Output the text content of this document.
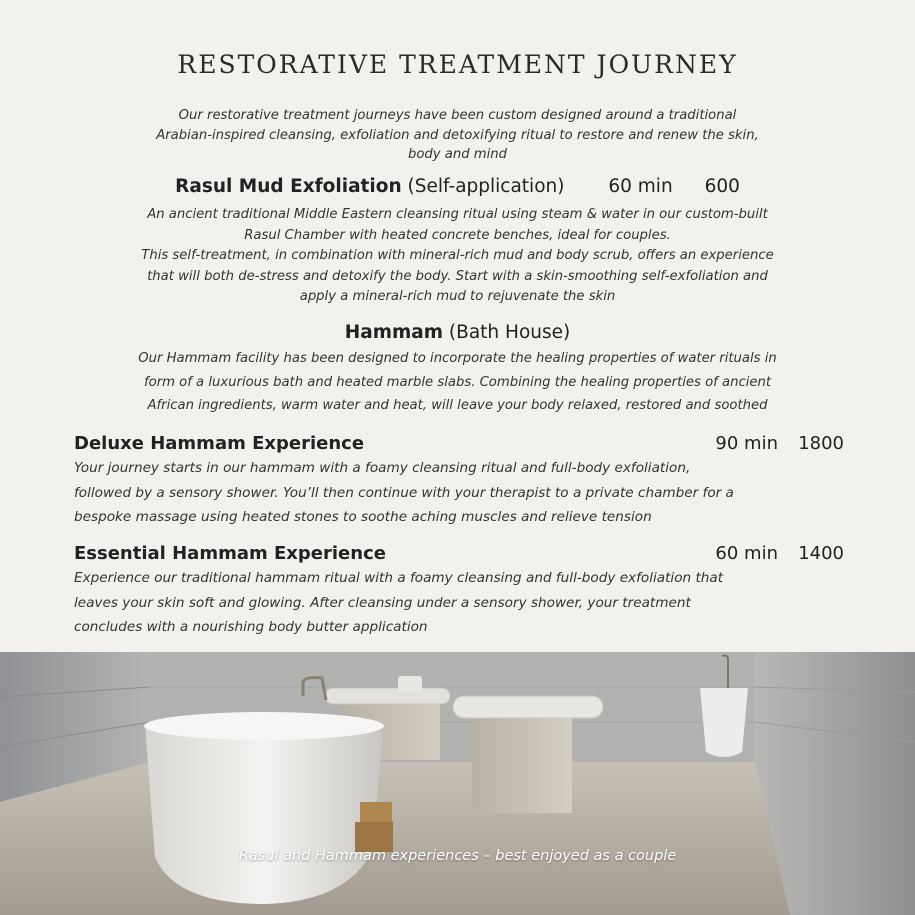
RESTORATIVE TREATMENT JOURNEY
Our restorative treatment journeys have been custom designed around a traditional
Arabian-inspired cleansing, exfoliation and detoxifying ritual to restore and renew the skin,
body and mind
Rasul Mud Exfoliation (Self-application) 60 min 600
An ancient traditional Middle Eastern cleansing ritual using steam & water in our custom-built
Rasul Chamber with heated concrete benches, ideal for couples.
This self-treatment, in combination with mineral-rich mud and body scrub, offers an experience
that will both de-stress and detoxify the body. Start with a skin-smoothing self-exfoliation and
apply a mineral-rich mud to rejuvenate the skin
Hammam (Bath House)
Our Hammam facility has been designed to incorporate the healing properties of water rituals in
form of a luxurious bath and heated marble slabs. Combining the healing properties of ancient
African ingredients, warm water and heat, will leave your body relaxed, restored and soothed
Deluxe Hammam Experience	90 min 1800
Your journey starts in our hammam with a foamy cleansing ritual and full-body exfoliation,
followed by a sensory shower. You’ll then continue with your therapist to a private chamber for a
bespoke massage using heated stones to soothe aching muscles and relieve tension
Essential Hammam Experience	60 min 1400
Experience our traditional hammam ritual with a foamy cleansing and full-body exfoliation that
leaves your skin soft and glowing. After cleansing under a sensory shower, your treatment
concludes with a nourishing body butter application
Rasul and Hammam experiences – best enjoyed as a couple
